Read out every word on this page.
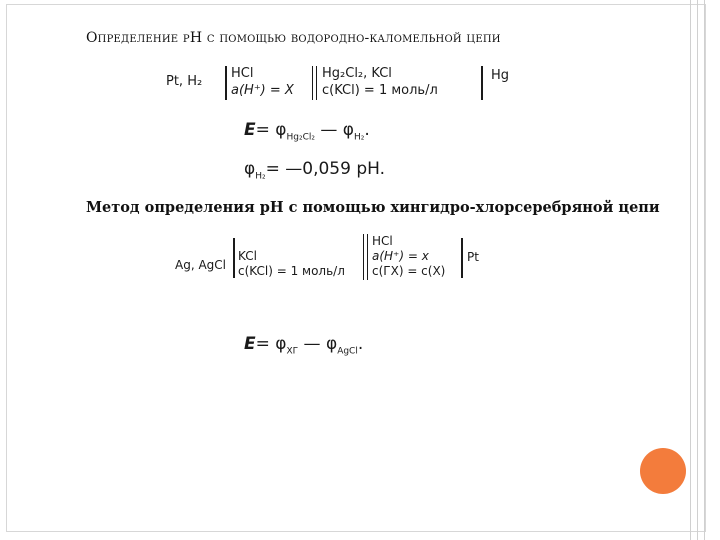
Определение pH с помощью водородно-каломельной цепи
Pt, H₂
HCl
a(H⁺) = X
Hg₂Cl₂, KCl
c(KCl) = 1 моль/л
Hg
$E= \varphi_{Hg_2Cl_2}$ — $\varphi_{H_2}$.
$\varphi_{H_2}=$ —0,059 pH.
Метод определения pH с помощью хингидро-хлорсеребряной цепи
Ag, AgCl
KCl
c(KCl) = 1 моль/л
HCl
a(H⁺) = x
c(ГХ) = c(X)
Pt
$E= \varphi_{ХГ}$ — $\varphi_{AgCl}$.
